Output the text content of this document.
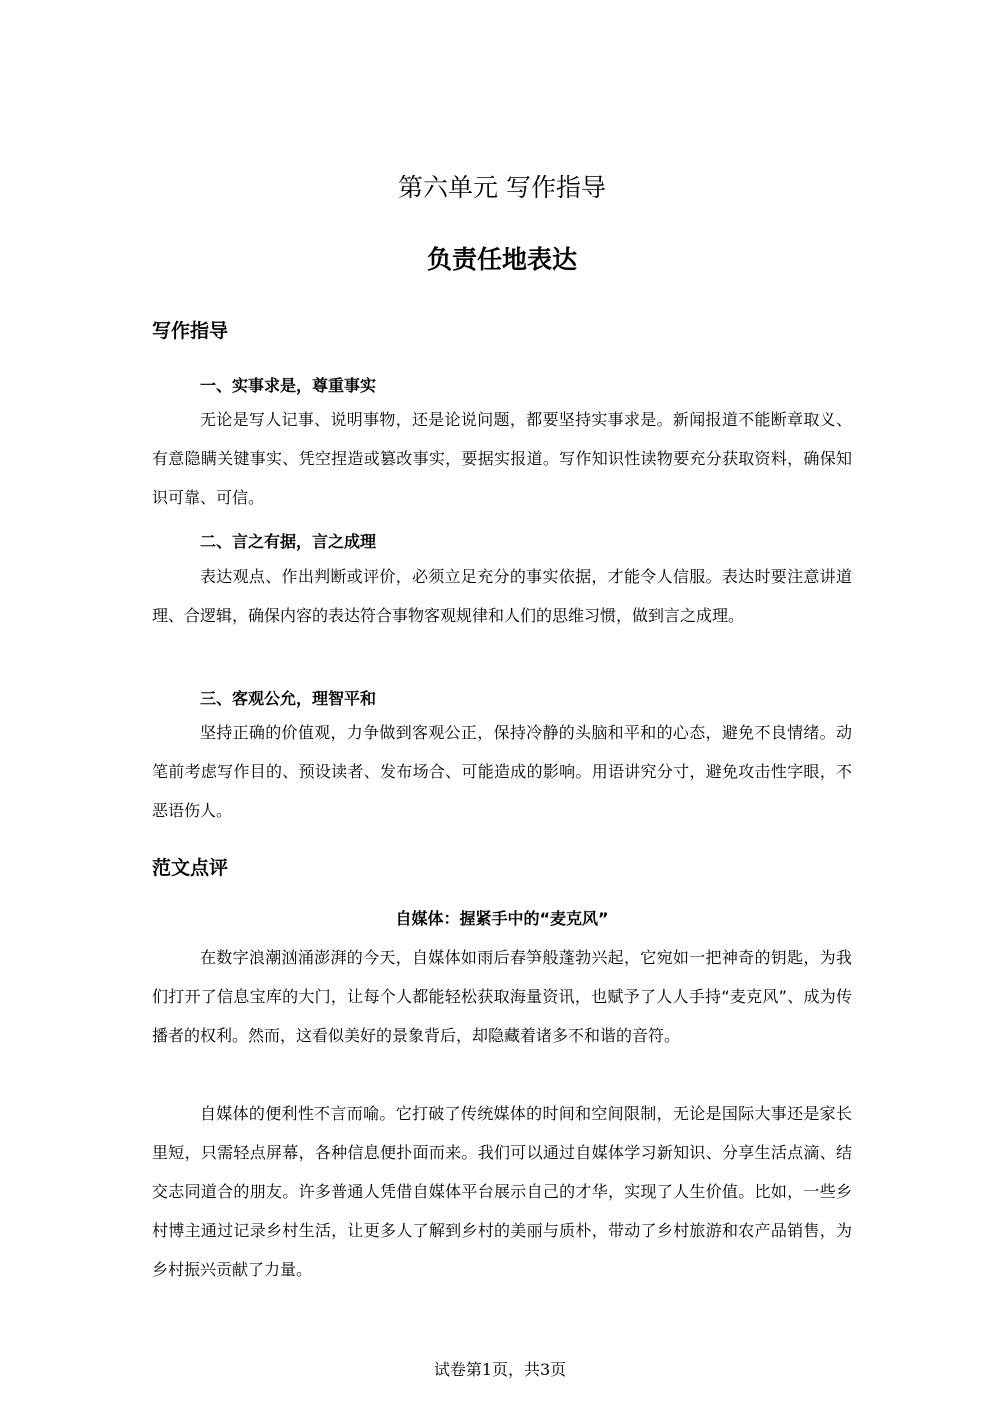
第六单元 写作指导
负责任地表达
写作指导
一、实事求是，尊重事实

无论是写人记事、说明事物，还是论说问题，都要坚持实事求是。新闻报道不能断章取义、有意隐瞒关键事实、凭空捏造或篡改事实，要据实报道。写作知识性读物要充分获取资料，确保知识可靠、可信。

二、言之有据，言之成理

表达观点、作出判断或评价，必须立足充分的事实依据，才能令人信服。表达时要注意讲道理、合逻辑，确保内容的表达符合事物客观规律和人们的思维习惯，做到言之成理。

三、客观公允，理智平和

坚持正确的价值观，力争做到客观公正，保持冷静的头脑和平和的心态，避免不良情绪。动笔前考虑写作目的、预设读者、发布场合、可能造成的影响。用语讲究分寸，避免攻击性字眼，不恶语伤人。

范文点评
自媒体：握紧手中的“麦克风”

在数字浪潮汹涌澎湃的今天，自媒体如雨后春笋般蓬勃兴起，它宛如一把神奇的钥匙，为我们打开了信息宝库的大门，让每个人都能轻松获取海量资讯，也赋予了人人手持“麦克风”、成为传播者的权利。然而，这看似美好的景象背后，却隐藏着诸多不和谐的音符。

自媒体的便利性不言而喻。它打破了传统媒体的时间和空间限制，无论是国际大事还是家长里短，只需轻点屏幕，各种信息便扑面而来。我们可以通过自媒体学习新知识、分享生活点滴、结交志同道合的朋友。许多普通人凭借自媒体平台展示自己的才华，实现了人生价值。比如，一些乡村博主通过记录乡村生活，让更多人了解到乡村的美丽与质朴，带动了乡村旅游和农产品销售，为乡村振兴贡献了力量。

试卷第1页，共3页
